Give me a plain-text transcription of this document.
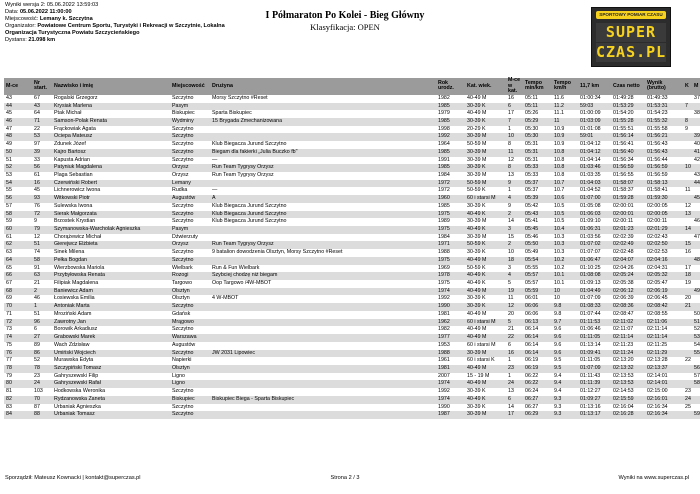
Wyniki wersja 2: 05.06.2022 13:59:03
Data: 05.06.2022 11:00:00
Miejscowość: Lemany k. Szczytna
Organizator: Powiatowe Centrum Sportu, Turystyki i Rekreacji w Szczytnie, Lokalna Organizacja Turystyczna Powiatu Szczycieńskiego
Dystans: 21.098 km
I Półmaraton Po Kolei - Bieg Główny
Klasyfikacja: OPEN
SPORTOWY POMIAR CZASU
SUPER
CZAS.PL
M-ce	Nr start.	Nazwisko i imię	Miejscowość	Drużyna	Rok urodz.	Kat. wiek.	M-ce w kat.	Tempo min/km	Tempo km/h	11,7 km	Czas netto	Wynik (brutto)	K	M
43	67	Rogalski Grzegorz	Szczytno	Morsy Szczytno #Reset	1982	40-49 M	16	05:11	11.6	01:00:34	01:49:28	01:49:33		37
44	43	Krysiak Marlena	Pasym		1985	30-39 K	6	05:11	11.2	59:03	01:53:29	01:53:31	7	
45	64	Ptak Michał	Biskupiec	Sparta Biskupiec	1979	40-49 M	17	05:26	11.1	01:00:09	01:54:20	01:54:23		38
46	71	Samson-Polak Renata	Wydminy	15 Brygada Zmechanizowana	1985	30-39 K	7	05:29	11	01:03:09	01:55:28	01:55:32	8	
47	22	Frąckowiak Agata	Szczytno		1998	20-29 K	1	05:30	10.9	01:01:08	01:55:51	01:55:58	9	
48	53	Ociepa Mateusz	Szczytno		1992	30-39 M	10	05:30	10.9	59:01	01:56:14	01:56:21		39
49	97	Zdunek Józef	Szczytno	Klub Biegacza Jurund Szczytno	1964	50-59 M	8	05:31	10.9	01:04:12	01:56:41	01:56:43		40
50	39	Kajro Bartosz	Szczytno	Biegam dla fakierki „Julia Buczko fb"	1985	30-39 M	11	05:31	10.8	01:04:12	01:56:40	01:56:43		41
51	33	Kapusta Adrian	Szczytno	—	1991	30-39 M	12	05:31	10.8	01:04:14	01:56:34	01:56:44		42
52	56	Patyniuk Magdalena	Orzysz	Run Team Tygrysy Orzysz	1985	30-39 K	8	05:33	10.8	01:03:46	01:56:59	01:56:59	10	
53	61	Plaga Sebastian	Orzysz	Run Team Tygrysy Orzysz	1984	30-39 M	13	05:33	10.8	01:03:35	01:56:55	01:56:59		43
54	16	Czerwiński Robert	Lemany		1972	50-59 M	9	05:37	10.7	01:04:03	01:58:07	01:58:13		44
55	45	Lichnerowicz Iwona	Rudka	—	1972	50-59 K	1	05:37	10.7	01:04:52	01:58:37	01:58:41	11	
56	93	Witkowski Piotr	Augustów	A	1960	60 i starsi M	4	05:39	10.6	01:07:00	01:59:28	01:59:30		45
57	76	Sulewska Iwona	Szczytno	Klub Biegacza Jurund Szczytno	1985	30-39 K	9	05:42	10.5	01:05:08	02:00:01	02:00:05	12	
58	72	Sierak Małgorzata	Szczytno	Klub Biegacza Jurund Szczytno	1975	40-49 K	2	05:43	10.5	01:06:03	02:00:01	02:00:05	13	
59	9	Brzostek Krystian	Szczytno	Klub Biegacza Jurund Szczytno	1989	30-39 M	14	05:41	10.5	01:09:10	02:00:11	02:00:11		46
60	79	Szymanowska-Warcholak Agnieszka	Pasym		1975	40-49 K	3	05:45	10.4	01:06:31	02:01:23	02:01:29	14	
61	12	Chorążewicz Michał	Dźwierzuty		1984	30-39 M	15	05:46	10.3	01:03:56	02:02:39	02:02:43		47
62	51	Gierejwcz Elżbieta	Orzysz	Run Team Tygrysy Orzysz	1971	50-59 K	2	05:50	10.3	01:07:02	02:02:49	02:02:50	15	
63	74	Sinek Milena	Szczytno	9 batalion dowodzenia Olsztyn, Morsy Szczytno #Reset	1988	30-39 K	10	05:49	10.3	01:07:07	02:02:48	02:02:53	16	
64	58	Pełka Bogdan	Szczytno		1975	40-49 M	18	05:54	10.2	01:06:47	02:04:07	02:04:16		48
65	91	Wierzbowska Mariola	Wielbark	Run & Fun Wielbark	1969	50-59 K	3	05:55	10.2	01:10:25	02:04:26	02:04:31	17	
66	63	Przybyłowska Renata	Rozogi	Szybciej chodzę niż biegam	1978	40-49 K	4	05:57	10.1	01:08:08	02:05:24	02:05:32	18	
67	21	Filipiak Magdalena	Targowo	Oop Targowo /4W-MBOT	1975	40-49 K	5	05:57	10.1	01:09:13	02:05:38	02:05:47	19	
68	2	Baniewicz Adam	Olsztyn		1974	40-49 M	19	05:59	10	01:04:49	02:06:12	02:06:19		49
69	46	Łosiewska Emilia	Olsztyn	4 W-MBOT	1992	30-39 K	11	06:01	10	01:07:09	02:06:39	02:06:45	20	
70	1	Antoniak Marta	Szczytno		1990	30-39 K	12	06:06	9.8	01:08:33	02:08:36	02:08:42	21	
71	51	Mroziński Adam	Gdańsk		1981	40-49 M	20	06:06	9.8	01:07:44	02:08:47	02:08:55		50
72	96	Zawrotny Jan	Mrągowo		1962	60 i starsi M	5	06:13	9.7	01:11:53	02:11:02	02:11:06		51
73	6	Borowik Arkadiusz	Szczytno		1982	40-49 M	21	06:14	9.6	01:06:46	02:11:07	02:11:14		52
74	27	Grabowski Marek	Warszawa		1977	40-49 M	22	06:14	9.6	01:11:05	02:11:14	02:11:14		53
75	89	Wach Zdzisław	Augustów		1953	60 i starsi M	6	06:14	9.6	01:13:14	02:11:23	02:11:25		54
76	86	Umiński Wojciech	Szczytno	JW 2031 Lipowiec	1988	30-39 M	16	06:14	9.6	01:09:41	02:11:24	02:11:29		55
77	52	Murawska Edyta	Napierki		1961	60 i starsi K	1	06:19	9.5	01:11:05	02:13:20	02:13:28	22	
78	78	Szczypiński Tomasz	Olsztyn		1981	40-49 M	23	06:19	9.5	01:07:09	02:13:32	02:13:37		56
79	23	Gahryszewski Filip	Ligno		2007	15 - 19 M	1	06:22	9.4	01:11:43	02:13:53	02:14:01		57
80	24	Gahryszewski Rafał	Ligno		1974	40-49 M	24	06:22	9.4	01:11:39	02:13:53	02:14:01		58
81	103	Hodkowska Weronika	Szczytno		1992	30-39 K	13	06:24	9.4	01:12:27	02:14:53	02:15:00	23	
82	70	Rydzanowska Żaneta	Biskupiec	Biskupiec Biega - Sparta Biskupiec	1974	40-49 K	6	06:27	9.3	01:09:27	02:15:59	02:16:01	24	
83	87	Urbaniak Agnieszka	Szczytno		1990	30-39 K	14	06:27	9.3	01:13:16	02:16:04	02:16:34	25	
84	88	Urbaniak Tomasz	Szczytno		1987	30-39 M	17	06:29	9.3	01:13:17	02:16:28	02:16:34		59
Sporządził: Mateusz Kownacki | kontakt@superczas.pl	Strona 2 / 3	Wyniki na www.superczas.pl
